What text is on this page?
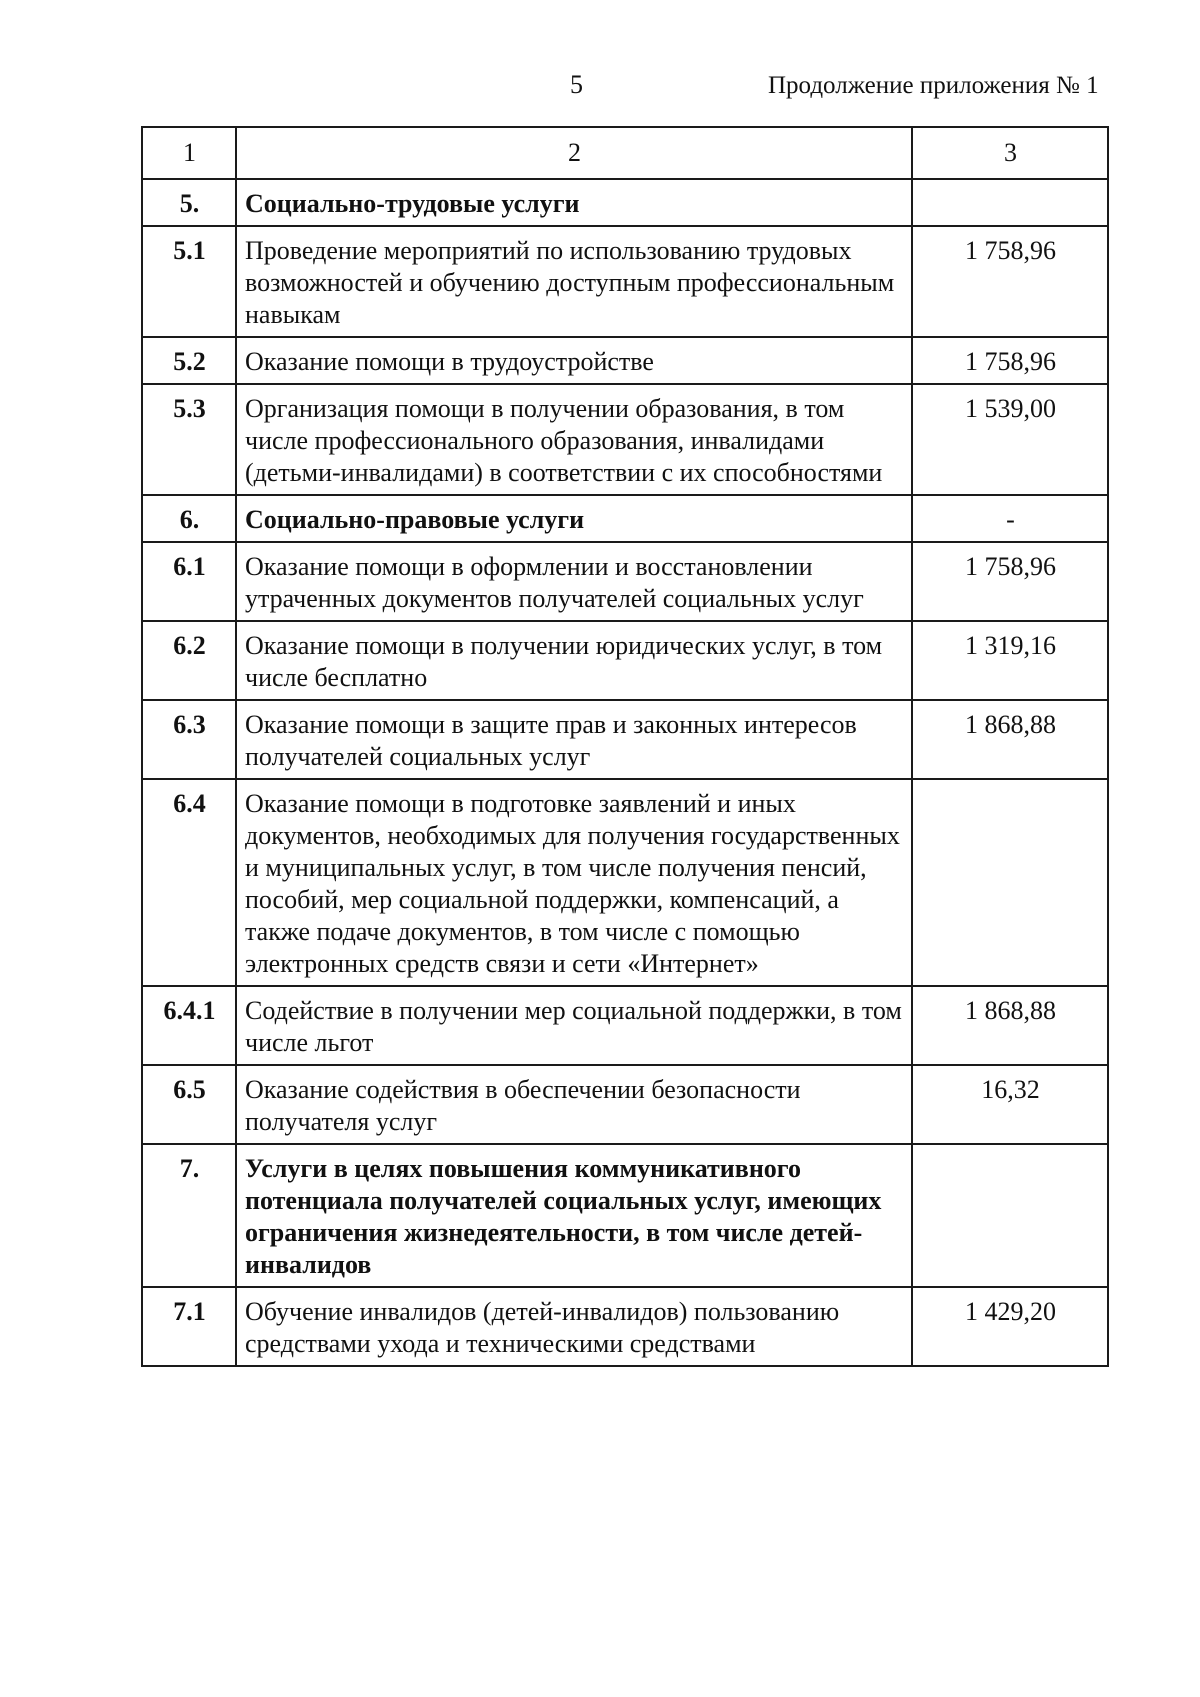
5	Продолжение приложения № 1
1	2	3
5.	Социально-трудовые услуги	
5.1	Проведение мероприятий по использованию трудовых возможностей и обучению доступным профессиональным навыкам	1 758,96
5.2	Оказание помощи в трудоустройстве	1 758,96
5.3	Организация помощи в получении образования, в том числе профессионального образования, инвалидами (детьми-инвалидами) в соответствии с их способностями	1 539,00
6.	Социально-правовые услуги	-
6.1	Оказание помощи в оформлении и восстановлении утраченных документов получателей социальных услуг	1 758,96
6.2	Оказание помощи в получении юридических услуг, в том числе бесплатно	1 319,16
6.3	Оказание помощи в защите прав и законных интересов получателей социальных услуг	1 868,88
6.4	Оказание помощи в подготовке заявлений и иных документов, необходимых для получения государственных и муниципальных услуг, в том числе получения пенсий, пособий, мер социальной поддержки, компенсаций, а также подаче документов, в том числе с помощью электронных средств связи и сети «Интернет»	
6.4.1	Содействие в получении мер социальной поддержки, в том числе льгот	1 868,88
6.5	Оказание содействия в обеспечении безопасности получателя услуг	16,32
7.	Услуги в целях повышения коммуникативного потенциала получателей социальных услуг, имеющих ограничения жизнедеятельности, в том числе детей-инвалидов	
7.1	Обучение инвалидов (детей-инвалидов) пользованию средствами ухода и техническими средствами	1 429,20
